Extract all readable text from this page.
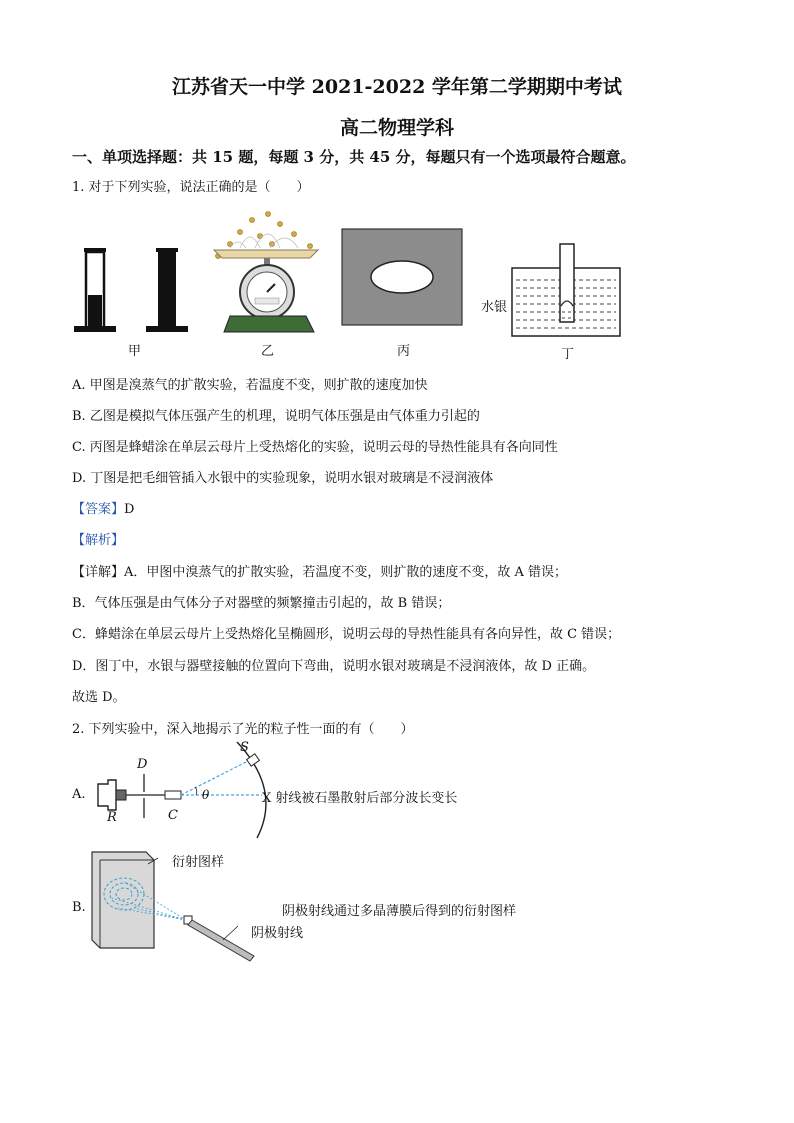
江苏省天一中学 2021-2022 学年第二学期期中考试
高二物理学科
一、单项选择题：共 15 题，每题 3 分，共 45 分，每题只有一个选项最符合题意。
1. 对于下列实验，说法正确的是（　　）
甲	乙	丙
水银
丁
A. 甲图是溴蒸气的扩散实验，若温度不变，则扩散的速度加快
B. 乙图是模拟气体压强产生的机理，说明气体压强是由气体重力引起的
C. 丙图是蜂蜡涂在单层云母片上受热熔化的实验，说明云母的导热性能具有各向同性
D. 丁图是把毛细管插入水银中的实验现象，说明水银对玻璃是不浸润液体
【答案】D
【解析】
【详解】A．甲图中溴蒸气的扩散实验，若温度不变，则扩散的速度不变，故 A 错误；
B．气体压强是由气体分子对器壁的频繁撞击引起的，故 B 错误；
C．蜂蜡涂在单层云母片上受热熔化呈椭圆形，说明云母的导热性能具有各向异性，故 C 错误；
D．图丁中，水银与器壁接触的位置向下弯曲，说明水银对玻璃是不浸润液体，故 D 正确。
故选 D。
2. 下列实验中，深入地揭示了光的粒子性一面的有（　　）
A.
D
R	C
S
θ	X 射线被石墨散射后部分波长变长
B.
衍射图样
阴极射线
阴极射线通过多晶薄膜后得到的衍射图样
